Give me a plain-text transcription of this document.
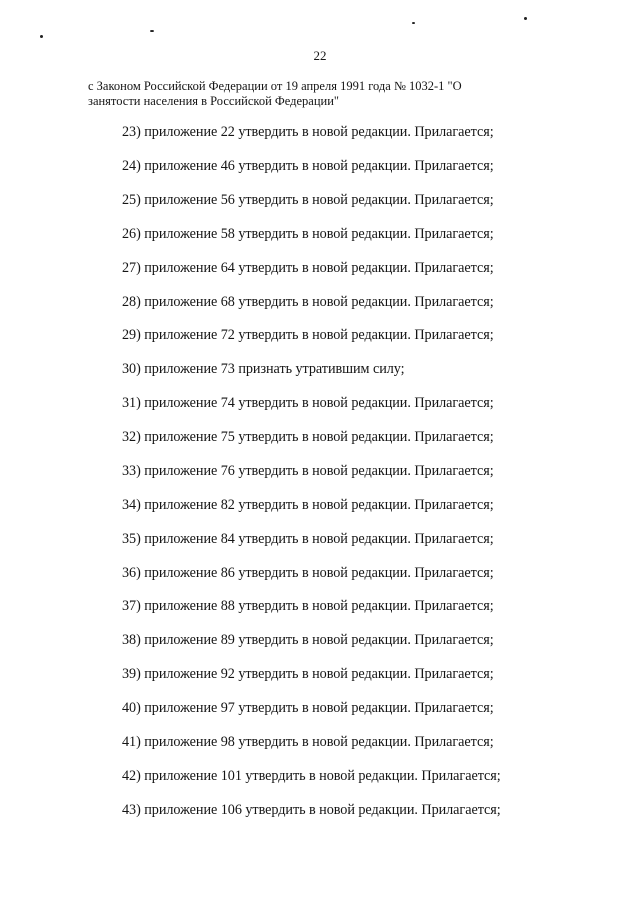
22
с Законом Российской Федерации от 19 апреля 1991 года № 1032-1 "О занятости населения в Российской Федерации"
23) приложение 22 утвердить в новой редакции. Прилагается;
24) приложение 46 утвердить в новой редакции. Прилагается;
25) приложение 56 утвердить в новой редакции. Прилагается;
26) приложение 58 утвердить в новой редакции. Прилагается;
27) приложение 64 утвердить в новой редакции. Прилагается;
28) приложение 68 утвердить в новой редакции. Прилагается;
29) приложение 72 утвердить в новой редакции. Прилагается;
30) приложение 73 признать утратившим силу;
31) приложение 74 утвердить в новой редакции. Прилагается;
32) приложение 75 утвердить в новой редакции. Прилагается;
33) приложение 76 утвердить в новой редакции. Прилагается;
34) приложение 82 утвердить в новой редакции. Прилагается;
35) приложение 84 утвердить в новой редакции. Прилагается;
36) приложение 86 утвердить в новой редакции. Прилагается;
37) приложение 88 утвердить в новой редакции. Прилагается;
38) приложение 89 утвердить в новой редакции. Прилагается;
39) приложение 92 утвердить в новой редакции. Прилагается;
40) приложение 97 утвердить в новой редакции. Прилагается;
41) приложение 98 утвердить в новой редакции. Прилагается;
42) приложение 101 утвердить в новой редакции. Прилагается;
43) приложение 106 утвердить в новой редакции. Прилагается;
